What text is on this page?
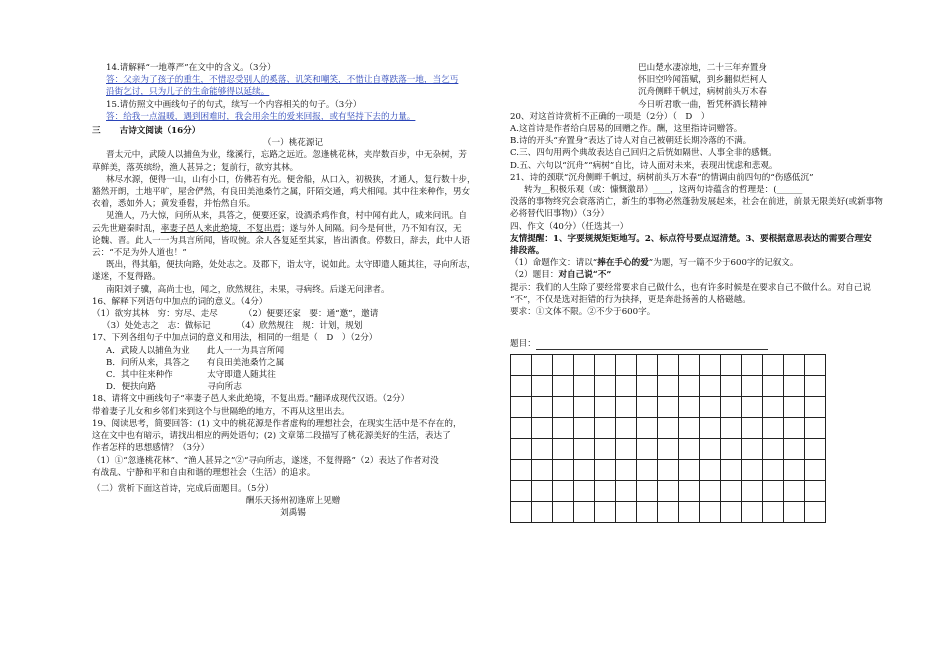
14.请解释“一地尊严”在文中的含义。（3分）
答：父亲为了孩子的重生，不惜忍受别人的奚落、讥笑和嘲笑，不惜让自尊跌落一地，当乞丐
沿街乞讨，只为儿子的生命能够得以延续。
15.请仿照文中画线句子的句式，续写一个内容相关的句子。（3分）
答：给我一点温暖，遇到困难时，我会用余生的爱来回报，或有坚持下去的力量。
三 古诗文阅读（16分）
（一）桃花源记
晋太元中，武陵人以捕鱼为业，缘溪行，忘路之远近。忽逢桃花林，夹岸数百步，中无杂树，芳
草鲜美，落英缤纷，渔人甚异之；复前行，欲穷其林。
林尽水源，便得一山，山有小口，仿佛若有光。便舍船，从口入，初极狭，才通人，复行数十步，
豁然开朗，土地平旷，屋舍俨然，有良田美池桑竹之属，阡陌交通，鸡犬相闻。其中往来种作，男女
衣着，悉如外人；黄发垂髫，并怡然自乐。
见渔人，乃大惊，问所从来，具答之，便要还家，设酒杀鸡作食，村中闻有此人，咸来问讯。自
云先世避秦时乱，率妻子邑人来此绝境，不复出焉；遂与外人间隔。问今是何世，乃不知有汉，无
论魏、晋。此人一一为具言所闻，皆叹惋。余人各复延至其家，皆出酒食。停数日，辞去，此中人语
云：“不足为外人道也！”
既出，得其船，便扶向路，处处志之。及郡下，诣太守，说如此。太守即遣人随其往，寻向所志，
遂迷，不复得路。
南阳刘子骥，高尚士也，闻之，欣然规往，未果，寻病终。后遂无问津者。
16、解释下列语句中加点的词的意义。（4分）
（1）欲穷其林　穷：穷尽、走尽	（2）便要还家　要：通“邀”，邀请
（3）处处志之　志：做标记	（4）欣然规往　规：计划，规划
17、下列各组句子中加点词的意义和用法，相同的一组是（　D　）（2分）
A．武陵人以捕鱼为业　　此人一一为具言所闻
B．问所从来，具答之　　有良田美池桑竹之属
C．其中往来种作　　　　太守即遣人随其往
D．便扶向路　　　　　　寻向所志
18、请将文中画线句子“率妻子邑人来此绝境，不复出焉。”翻译成现代汉语。（2分）
带着妻子儿女和乡邻们来到这个与世隔绝的地方，不再从这里出去。
19、阅读思考，简要回答：(1) 文中的桃花源是作者虚构的理想社会，在现实生活中是不存在的，
这在文中也有暗示，请找出相应的两处语句；(2) 文章第二段描写了桃花源美好的生活，表达了
作者怎样的思想感情？（3分）
（1）①“忽逢桃花林”、“渔人甚异之”②“寻向所志，遂迷，不复得路”（2）表达了作者对没
有战乱、宁静和平和自由和谐的理想社会（生活）的追求。
（二）赏析下面这首诗，完成后面题目。（5分）
酬乐天扬州初逢席上见赠
刘禹锡
巴山楚水凄凉地，二十三年弃置身
怀旧空吟闻笛赋，到乡翻似烂柯人
沉舟侧畔千帆过，病树前头万木春
今日听君歌一曲，暂凭杯酒长精神
20、对这首诗赏析不正确的一项是（2分）（　D　）
A.这首诗是作者给白居易的回赠之作。酬，这里指诗词赠答。
B.诗的开头“弃置身”表达了诗人对自己被朝廷长期冷落的不满。
C.三、四句用两个典故表达自己回归之后恍如隔世、人事全非的感慨。
D.五、六句以“沉舟”“病树”自比，诗人面对未来，表现出忧虑和悲观。
21、诗的颈联“沉舟侧畔千帆过，病树前头万木春”的情调由前四句的“伤感低沉”
转为__积极乐观（或：慷慨激昂）____，这两句诗蕴含的哲理是：(______
没落的事物终究会衰落消亡，新生的事物必然蓬勃发展起来，社会在前进，前景无限美好(或新事物
必将替代旧事物)）（3分）
四、作文（40分）（任选其一）
友情提醒：1、字要规规矩矩地写。2、标点符号要点逗清楚。3、要根据意思表达的需要合理安排段落。
（1）命题作文：请以“捧在手心的爱”为题，写一篇不少于600字的记叙文。
（2）题目：对自己说“不”
提示：我们的人生除了要经常要求自己做什么，也有许多时候是在要求自己不做什么。对自己说
“不”，不仅是选对拒错的行为抉择，更是奔赴扬善的人格磁越。
要求：①文体不限。②不少于600字。
题目：
